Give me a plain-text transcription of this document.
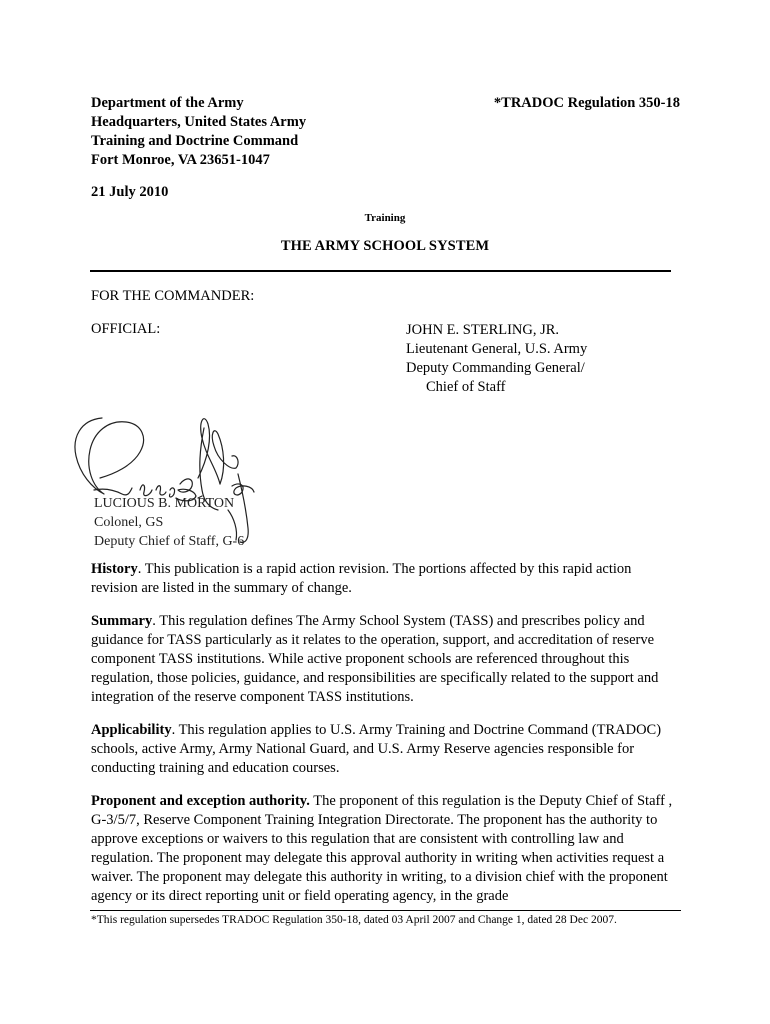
Department of the Army
Headquarters, United States Army
Training and Doctrine Command
Fort Monroe, VA 23651-1047
*TRADOC Regulation 350-18
21 July 2010
Training
THE ARMY SCHOOL SYSTEM
FOR THE COMMANDER:
OFFICIAL:	JOHN E. STERLING, JR.
Lieutenant General, U.S. Army
Deputy Commanding General/
Chief of Staff
LUCIOUS B. MORTON
Colonel, GS
Deputy Chief of Staff, G-6
History. This publication is a rapid action revision. The portions affected by this rapid action revision are listed in the summary of change.
Summary. This regulation defines The Army School System (TASS) and prescribes policy and guidance for TASS particularly as it relates to the operation, support, and accreditation of reserve component TASS institutions. While active proponent schools are referenced throughout this regulation, those policies, guidance, and responsibilities are specifically related to the support and integration of the reserve component TASS institutions.
Applicability. This regulation applies to U.S. Army Training and Doctrine Command (TRADOC) schools, active Army, Army National Guard, and U.S. Army Reserve agencies responsible for conducting training and education courses.
Proponent and exception authority. The proponent of this regulation is the Deputy Chief of Staff , G-3/5/7, Reserve Component Training Integration Directorate. The proponent has the authority to approve exceptions or waivers to this regulation that are consistent with controlling law and regulation. The proponent may delegate this approval authority in writing when activities request a waiver. The proponent may delegate this authority in writing, to a division chief with the proponent agency or its direct reporting unit or field operating agency, in the grade
*This regulation supersedes TRADOC Regulation 350-18, dated 03 April 2007 and Change 1, dated 28 Dec 2007.
